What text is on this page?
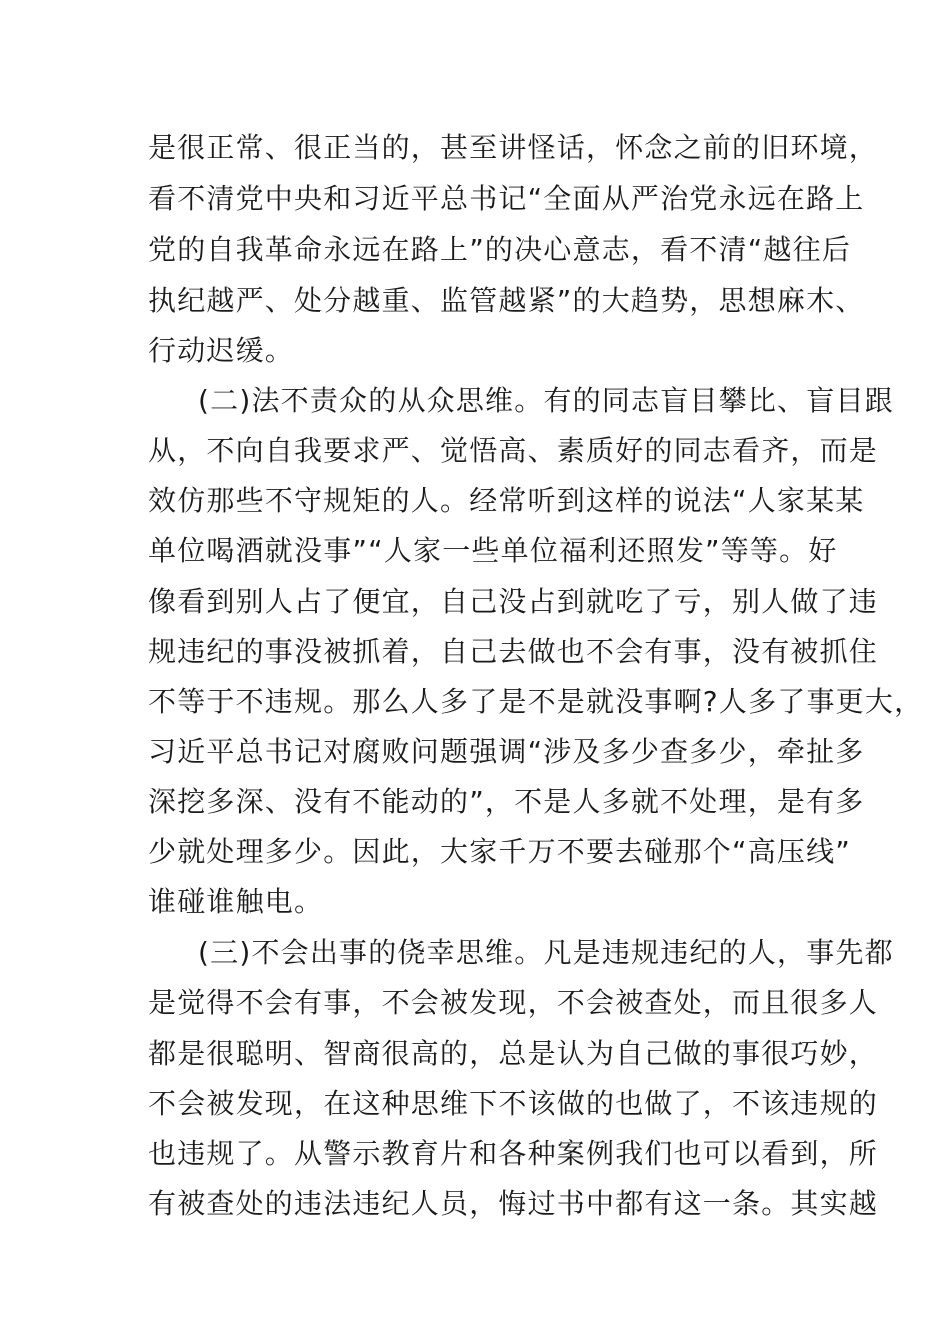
是很正常、很正当的，甚至讲怪话，怀念之前的旧环境，
看不清党中央和习近平总书记“全面从严治党永远在路上
党的自我革命永远在路上”的决心意志，看不清“越往后
执纪越严、处分越重、监管越紧”的大趋势，思想麻木、
行动迟缓。
(二)法不责众的从众思维。有的同志盲目攀比、盲目跟
从，不向自我要求严、觉悟高、素质好的同志看齐，而是
效仿那些不守规矩的人。经常听到这样的说法“人家某某
单位喝酒就没事”“人家一些单位福利还照发”等等。好
像看到别人占了便宜，自己没占到就吃了亏，别人做了违
规违纪的事没被抓着，自己去做也不会有事，没有被抓住
不等于不违规。那么人多了是不是就没事啊?人多了事更大，
习近平总书记对腐败问题强调“涉及多少查多少，牵扯多
深挖多深、没有不能动的”，不是人多就不处理，是有多
少就处理多少。因此，大家千万不要去碰那个“高压线”
谁碰谁触电。
(三)不会出事的侥幸思维。凡是违规违纪的人，事先都
是觉得不会有事，不会被发现，不会被查处，而且很多人
都是很聪明、智商很高的，总是认为自己做的事很巧妙，
不会被发现，在这种思维下不该做的也做了，不该违规的
也违规了。从警示教育片和各种案例我们也可以看到，所
有被查处的违法违纪人员，悔过书中都有这一条。其实越
